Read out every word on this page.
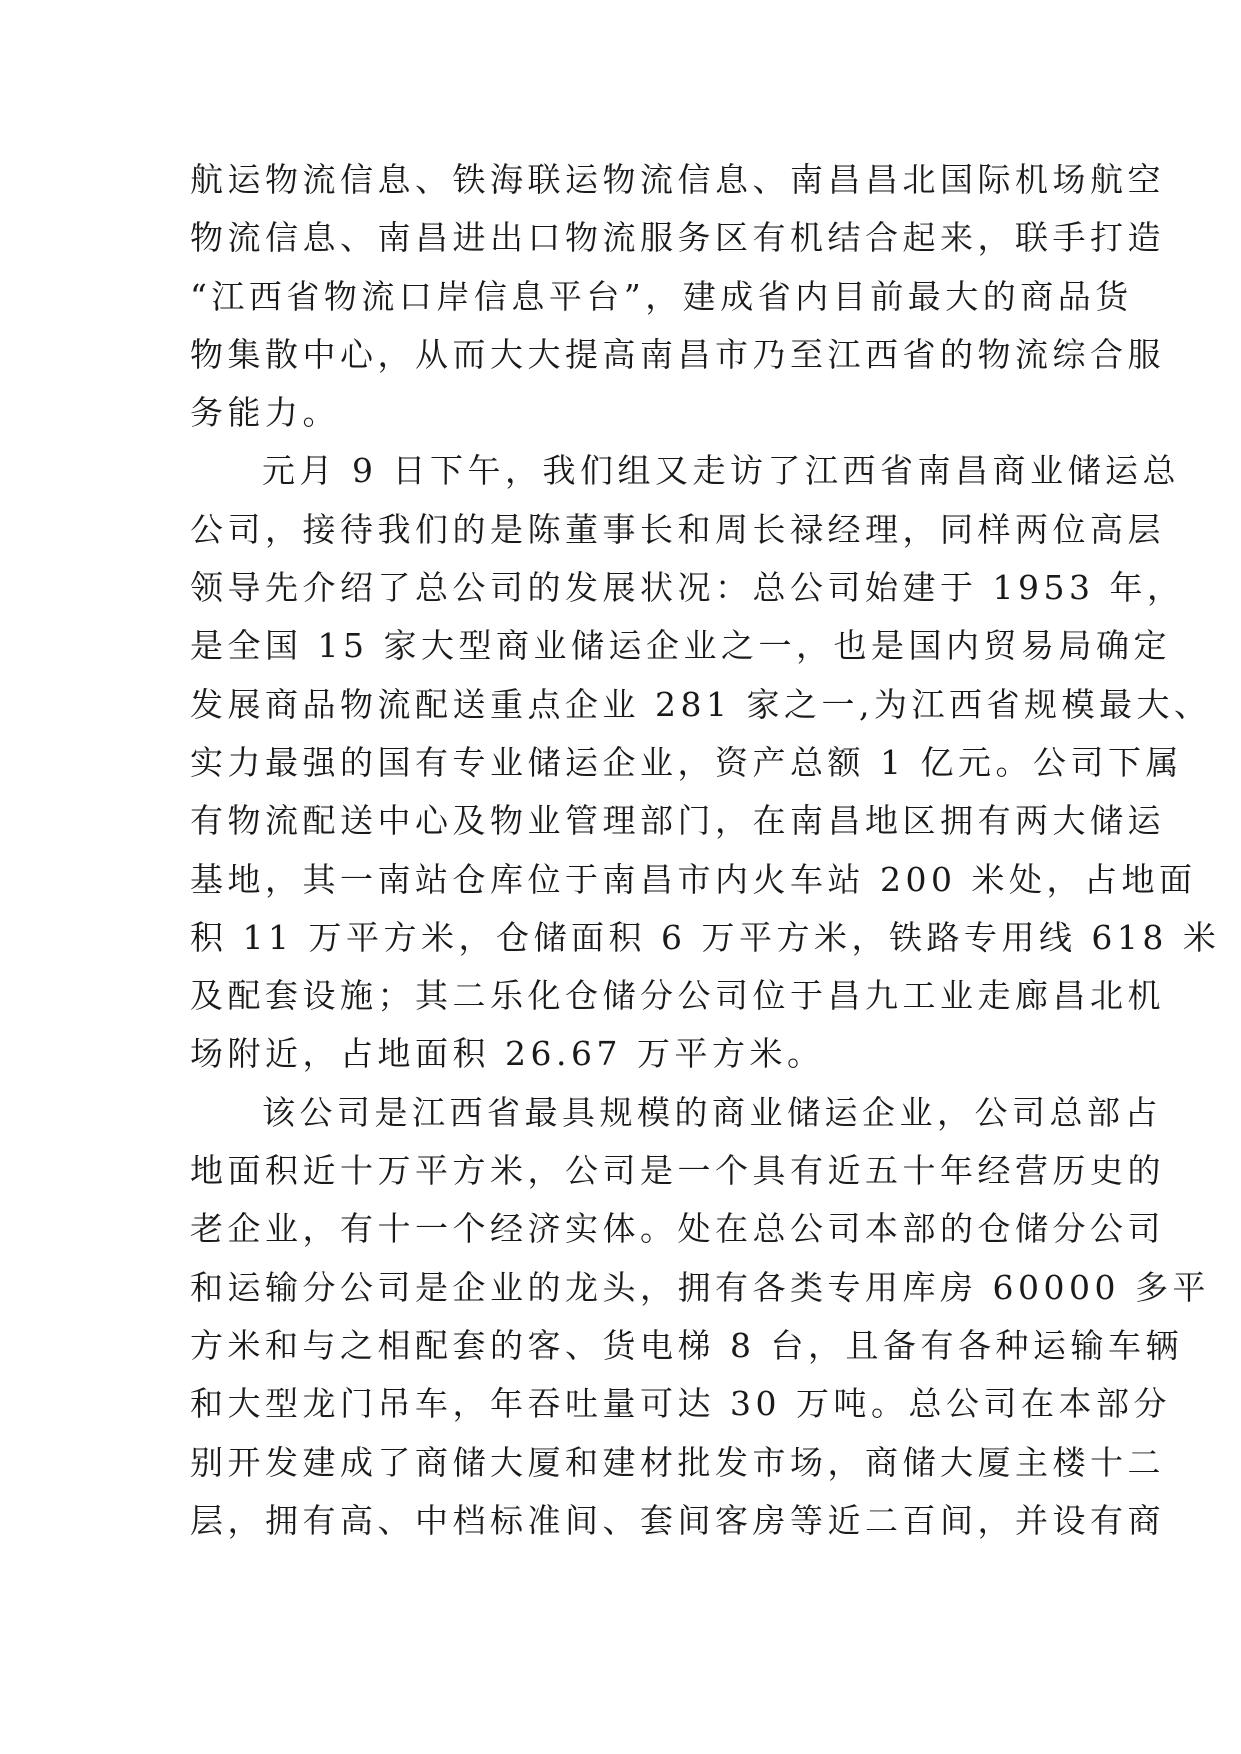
航运物流信息、铁海联运物流信息、南昌昌北国际机场航空
物流信息、南昌进出口物流服务区有机结合起来，联手打造
“江西省物流口岸信息平台”，建成省内目前最大的商品货
物集散中心，从而大大提高南昌市乃至江西省的物流综合服
务能力。
元月 9 日下午，我们组又走访了江西省南昌商业储运总
公司，接待我们的是陈董事长和周长禄经理，同样两位高层
领导先介绍了总公司的发展状况：总公司始建于 1953 年，
是全国 15 家大型商业储运企业之一，也是国内贸易局确定
发展商品物流配送重点企业 281 家之一,为江西省规模最大、
实力最强的国有专业储运企业，资产总额 1 亿元。公司下属
有物流配送中心及物业管理部门，在南昌地区拥有两大储运
基地，其一南站仓库位于南昌市内火车站 200 米处，占地面
积 11 万平方米，仓储面积 6 万平方米，铁路专用线 618 米
及配套设施；其二乐化仓储分公司位于昌九工业走廊昌北机
场附近，占地面积 26.67 万平方米。
该公司是江西省最具规模的商业储运企业，公司总部占
地面积近十万平方米，公司是一个具有近五十年经营历史的
老企业，有十一个经济实体。处在总公司本部的仓储分公司
和运输分公司是企业的龙头，拥有各类专用库房 60000 多平
方米和与之相配套的客、货电梯 8 台，且备有各种运输车辆
和大型龙门吊车，年吞吐量可达 30 万吨。总公司在本部分
别开发建成了商储大厦和建材批发市场，商储大厦主楼十二
层，拥有高、中档标准间、套间客房等近二百间，并设有商
